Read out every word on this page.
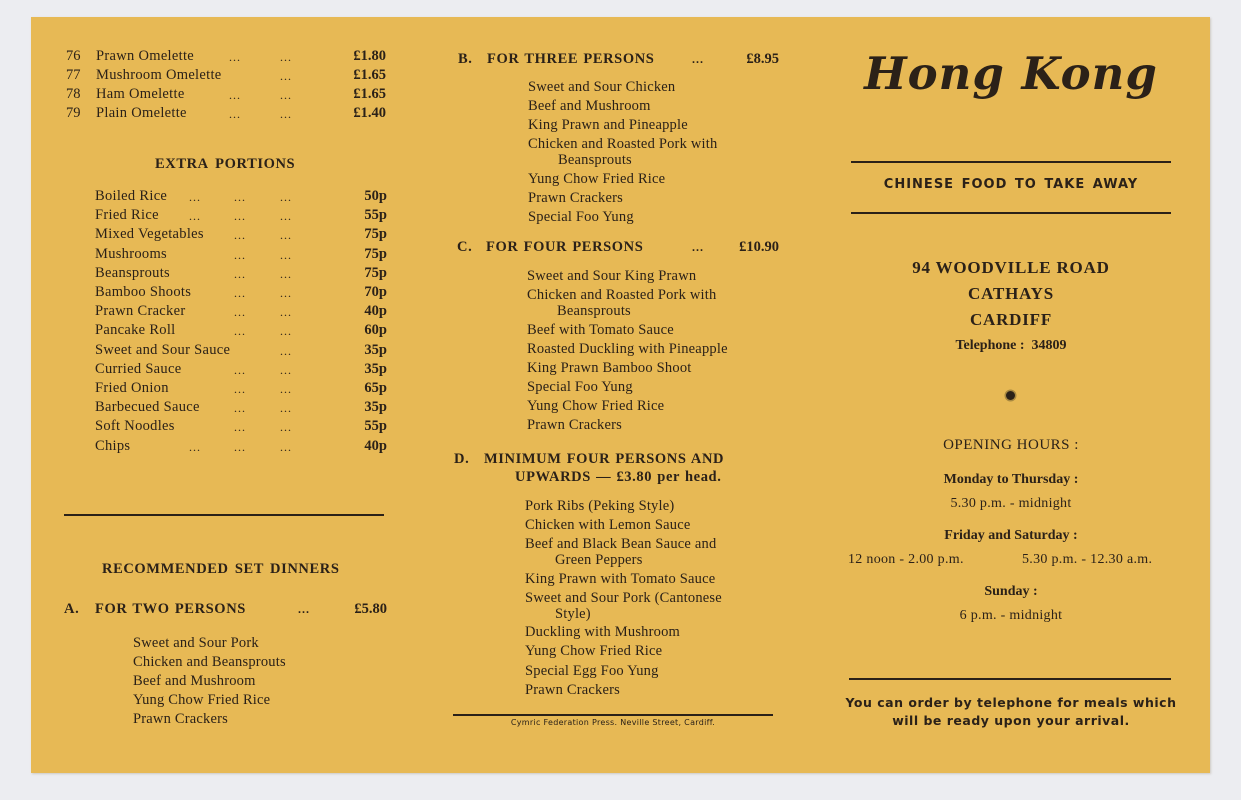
76 Prawn Omelette	...	...	£1.80
77 Mushroom Omelette	...	£1.65
78 Ham Omelette	...	...	£1.65
79 Plain Omelette	...	...	£1.40
EXTRA PORTIONS
Boiled Rice ...	...	...	50p
Fried Rice	...	...	...	55p
Mixed Vegetables	...	...	75p
Mushrooms	...	...	75p
Beansprouts	...	...	75p
Bamboo Shoots	...	...	70p
Prawn Cracker	...	...	40p
Pancake Roll	...	...	60p
Sweet and Sour Sauce	...	35p
Curried Sauce	...	...	35p
Fried Onion	...	...	65p
Barbecued Sauce	...	...	35p
Soft Noodles	...	...	55p
Chips	...	...	...	40p
RECOMMENDED SET DINNERS
A. FOR TWO PERSONS	...	£5.80
Sweet and Sour Pork
Chicken and Beansprouts
Beef and Mushroom
Yung Chow Fried Rice
Prawn Crackers
B. FOR THREE PERSONS	...	£8.95
Sweet and Sour Chicken
Beef and Mushroom
King Prawn and Pineapple
Chicken and Roasted Pork with
Beansprouts
Yung Chow Fried Rice
Prawn Crackers
Special Foo Yung
C. FOR FOUR PERSONS	...	£10.90
Sweet and Sour King Prawn
Chicken and Roasted Pork with
Beansprouts
Beef with Tomato Sauce
Roasted Duckling with Pineapple
King Prawn Bamboo Shoot
Special Foo Yung
Yung Chow Fried Rice
Prawn Crackers
D. MINIMUM FOUR PERSONS AND
UPWARDS — £3.80 per head.
Pork Ribs (Peking Style)
Chicken with Lemon Sauce
Beef and Black Bean Sauce and
Green Peppers
King Prawn with Tomato Sauce
Sweet and Sour Pork (Cantonese
Style)
Duckling with Mushroom
Yung Chow Fried Rice
Special Egg Foo Yung
Prawn Crackers
Cymric Federation Press. Neville Street, Cardiff.
Hong Kong
CHINESE FOOD TO TAKE AWAY
94 WOODVILLE ROAD
CATHAYS
CARDIFF
Telephone : 34809
OPENING HOURS :
Monday to Thursday :
5.30 p.m. - midnight
Friday and Saturday :
12 noon - 2.00 p.m.	5.30 p.m. - 12.30 a.m.
Sunday :
6 p.m. - midnight
You can order by telephone for meals which
will be ready upon your arrival.
